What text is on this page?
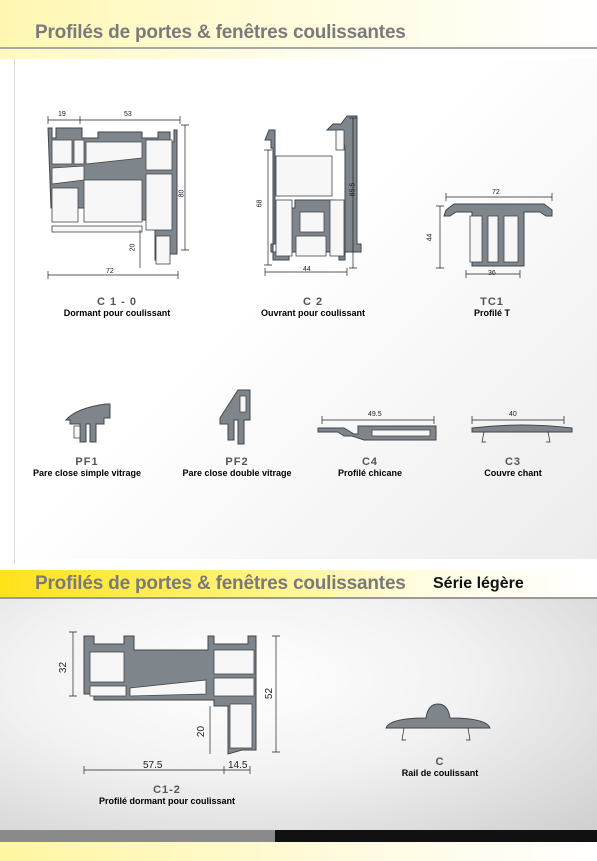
Profilés de portes & fenêtres coulissantes
Profilés de portes & fenêtres coulissantes Série légère
19	53
80
20
72
68
85.5
44
72
44
36
49.5	40
32
52
20
57.5	14.5
C 1 - 0
Dormant pour coulissant
C 2
Ouvrant pour coulissant
TC1
Profilé T
PF1
Pare close simple vitrage
PF2
Pare close double vitrage
C4
Profilé chicane
C3
Couvre chant
C1-2
Profilé dormant pour coulissant
C
Rail de coulissant
